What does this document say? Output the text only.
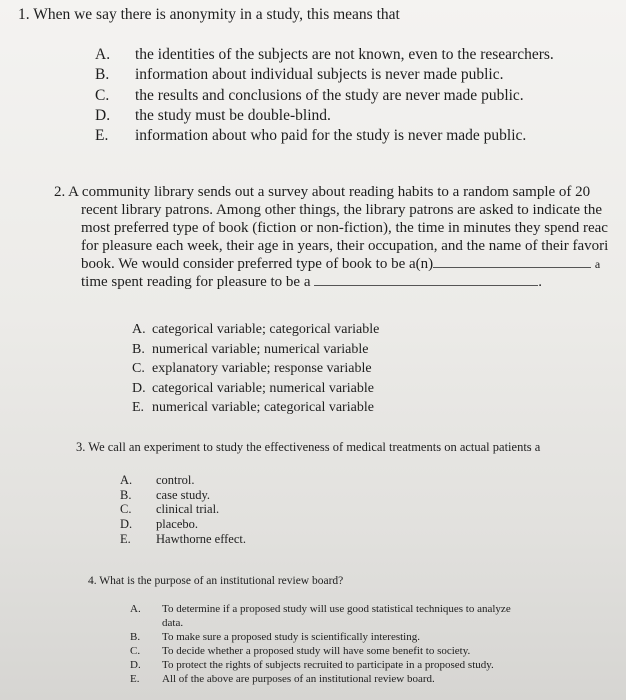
1. When we say there is anonymity in a study, this means that
A. the identities of the subjects are not known, even to the researchers.
B. information about individual subjects is never made public.
C. the results and conclusions of the study are never made public.
D. the study must be double-blind.
E. information about who paid for the study is never made public.
2. A community library sends out a survey about reading habits to a random sample of 20
recent library patrons. Among other things, the library patrons are asked to indicate the
most preferred type of book (fiction or non-fiction), the time in minutes they spend reac
for pleasure each week, their age in years, their occupation, and the name of their favori
book. We would consider preferred type of book to be a(n)	a
time spent reading for pleasure to be a	.
A. categorical variable; categorical variable
B. numerical variable; numerical variable
C. explanatory variable; response variable
D. categorical variable; numerical variable
E. numerical variable; categorical variable
3. We call an experiment to study the effectiveness of medical treatments on actual patients a
A. control.
B. case study.
C. clinical trial.
D. placebo.
E. Hawthorne effect.
4. What is the purpose of an institutional review board?
A. To determine if a proposed study will use good statistical techniques to analyze
data.
B. To make sure a proposed study is scientifically interesting.
C. To decide whether a proposed study will have some benefit to society.
D. To protect the rights of subjects recruited to participate in a proposed study.
E. All of the above are purposes of an institutional review board.
